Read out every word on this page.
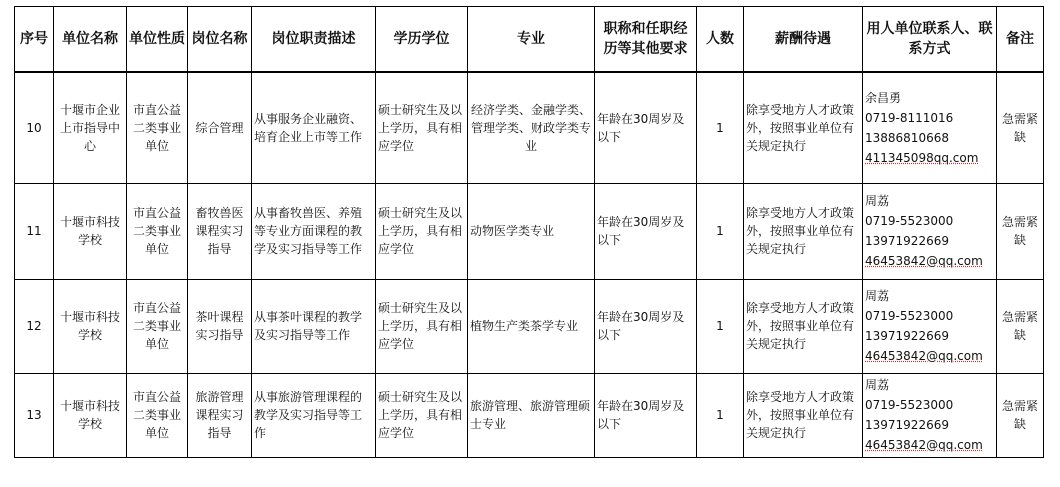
序号	单位名称	单位性质	岗位名称	岗位职责描述	学历学位	专业	职称和任职经历等其他要求	人数	薪酬待遇	用人单位联系人、联系方式	备注
10	十堰市企业上市指导中心	市直公益二类事业单位	综合管理	从事服务企业融资、培育企业上市等工作	硕士研究生及以上学历，具有相应学位	经济学类、金融学类、管理学类、财政学类专业	年龄在30周岁及以下	1	除享受地方人才政策外，按照事业单位有关规定执行	余昌勇
0719-8111016
13886810668
411345098qq.com	急需紧缺
11	十堰市科技学校	市直公益二类事业单位	畜牧兽医课程实习指导	从事畜牧兽医、养殖等专业方面课程的教学及实习指导等工作	硕士研究生及以上学历，具有相应学位	动物医学类专业	年龄在30周岁及以下	1	除享受地方人才政策外，按照事业单位有关规定执行	周荔
0719-5523000
13971922669
46453842@qq.com	急需紧缺
12	十堰市科技学校	市直公益二类事业单位	茶叶课程实习指导	从事茶叶课程的教学及实习指导等工作	硕士研究生及以上学历，具有相应学位	植物生产类茶学专业	年龄在30周岁及以下	1	除享受地方人才政策外，按照事业单位有关规定执行	周荔
0719-5523000
13971922669
46453842@qq.com	急需紧缺
13	十堰市科技学校	市直公益二类事业单位	旅游管理课程实习指导	从事旅游管理课程的教学及实习指导等工作	硕士研究生及以上学历，具有相应学位	旅游管理、旅游管理硕士专业	年龄在30周岁及以下	1	除享受地方人才政策外，按照事业单位有关规定执行	周荔
0719-5523000
13971922669
46453842@qq.com	急需紧缺
